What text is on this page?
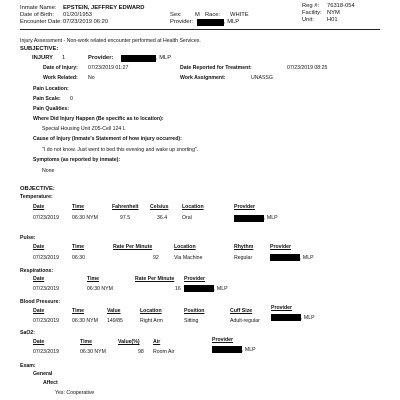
Inmate Name: EPSTEIN, JEFFREY EDWARD
Date of Birth: 01/20/1953
Encounter Date: 07/23/2019 06:20
Sex: M Race: WHITE
Provider:	, MLP
Reg #: 76318-054
Facility: NYM
Unit: H01
Injury Assessment - Non-work related encounter performed at Health Services.
SUBJECTIVE:
INJURY 1	Provider:	, MLP
Date of Injury: 07/23/2019 01:27	Date Reported for Treatment:	07/23/2019 08:25
Work Related: No	Work Assignment:	UNASSG
Pain Location:
Pain Scale: 0
Pain Qualities:
Where Did Injury Happen (Be specific as to location):
Special Housing Unit Z05-Cell 124 L
Cause of Injury (Inmate's Statement of how injury occurred):
"I do not know. Just went to bed this evening and wake up snorting".
Symptoms (as reported by inmate):
None
OBJECTIVE:
Temperature:
Date	Time	Fahrenheit Celsius	Location	Provider
07/23/2019	06:30 NYM	97.5	36.4	Oral	, MLP
Pulse:
Date	Time	Rate Per Minute	Location	Rhythm	Provider
07/23/2019	06:30	92	Via Machine	Regular	, MLP
Respirations:
Date	Time	Rate Per Minute Provider
07/23/2019	06:30 NYM	16	, MLP
Blood Pressure:
Date	Time	Value	Location	Position	Cuff Size	Provider
07/23/2019	06:30 NYM 149/85	Right Arm	Sitting	Adult-regular	, MLP
SaO2:
Date	Time	Value(%)	Air	Provider
07/23/2019	06:30 NYM	98 Room Air	, MLP
Exam:
General
Affect
Yes: Cooperative
